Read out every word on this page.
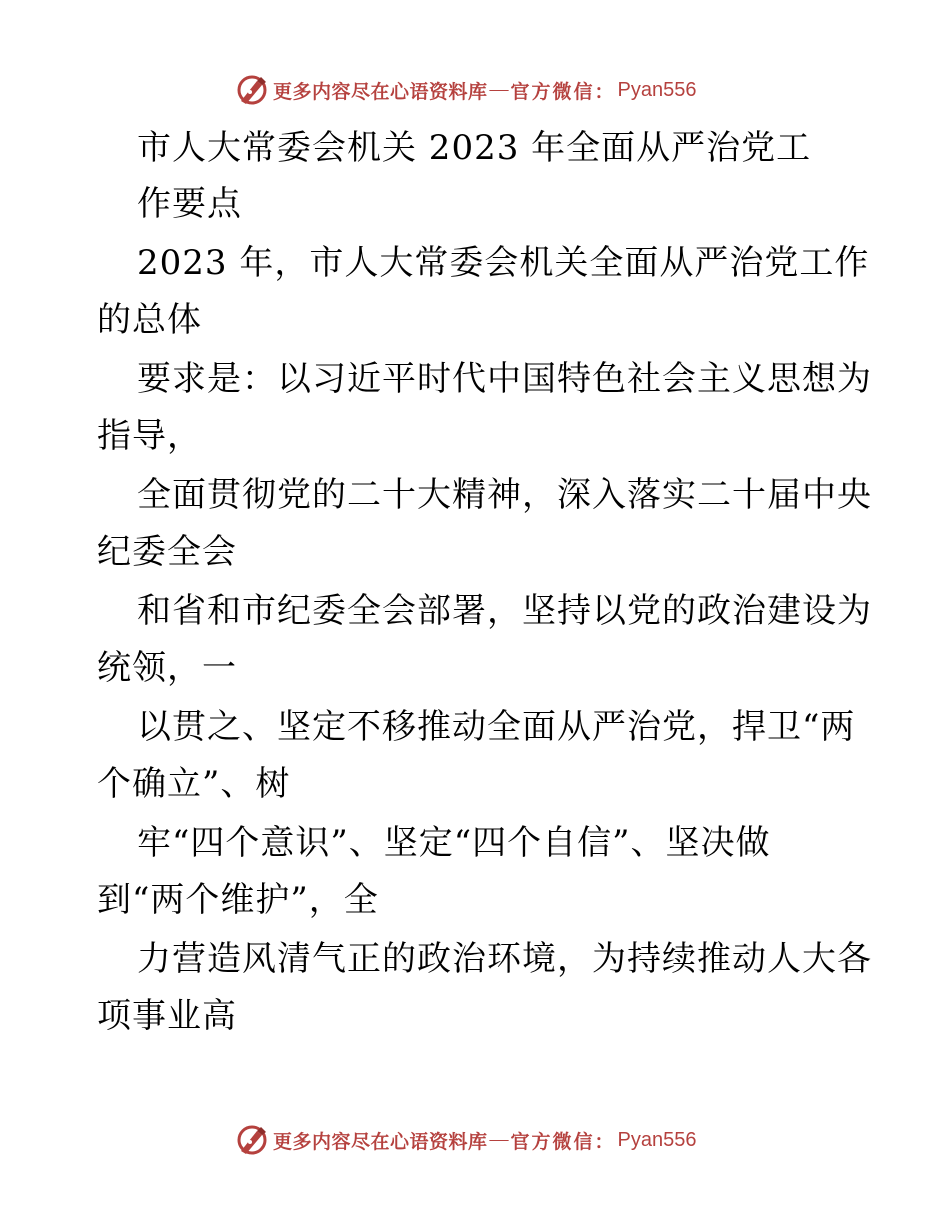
更多内容尽在心语资料库 — 官方微信： Pyan556
市人大常委会机关 2023 年全面从严治党工
作要点
2023 年，市人大常委会机关全面从严治党工作
的总体
要求是：以习近平时代中国特色社会主义思想为
指导，
全面贯彻党的二十大精神，深入落实二十届中央
纪委全会
和省和市纪委全会部署，坚持以党的政治建设为
统领，一
以贯之、坚定不移推动全面从严治党，捍卫“两
个确立”、树
牢“四个意识”、坚定“四个自信”、坚决做
到“两个维护”，全
力营造风清气正的政治环境，为持续推动人大各
项事业高
更多内容尽在心语资料库 — 官方微信： Pyan556
